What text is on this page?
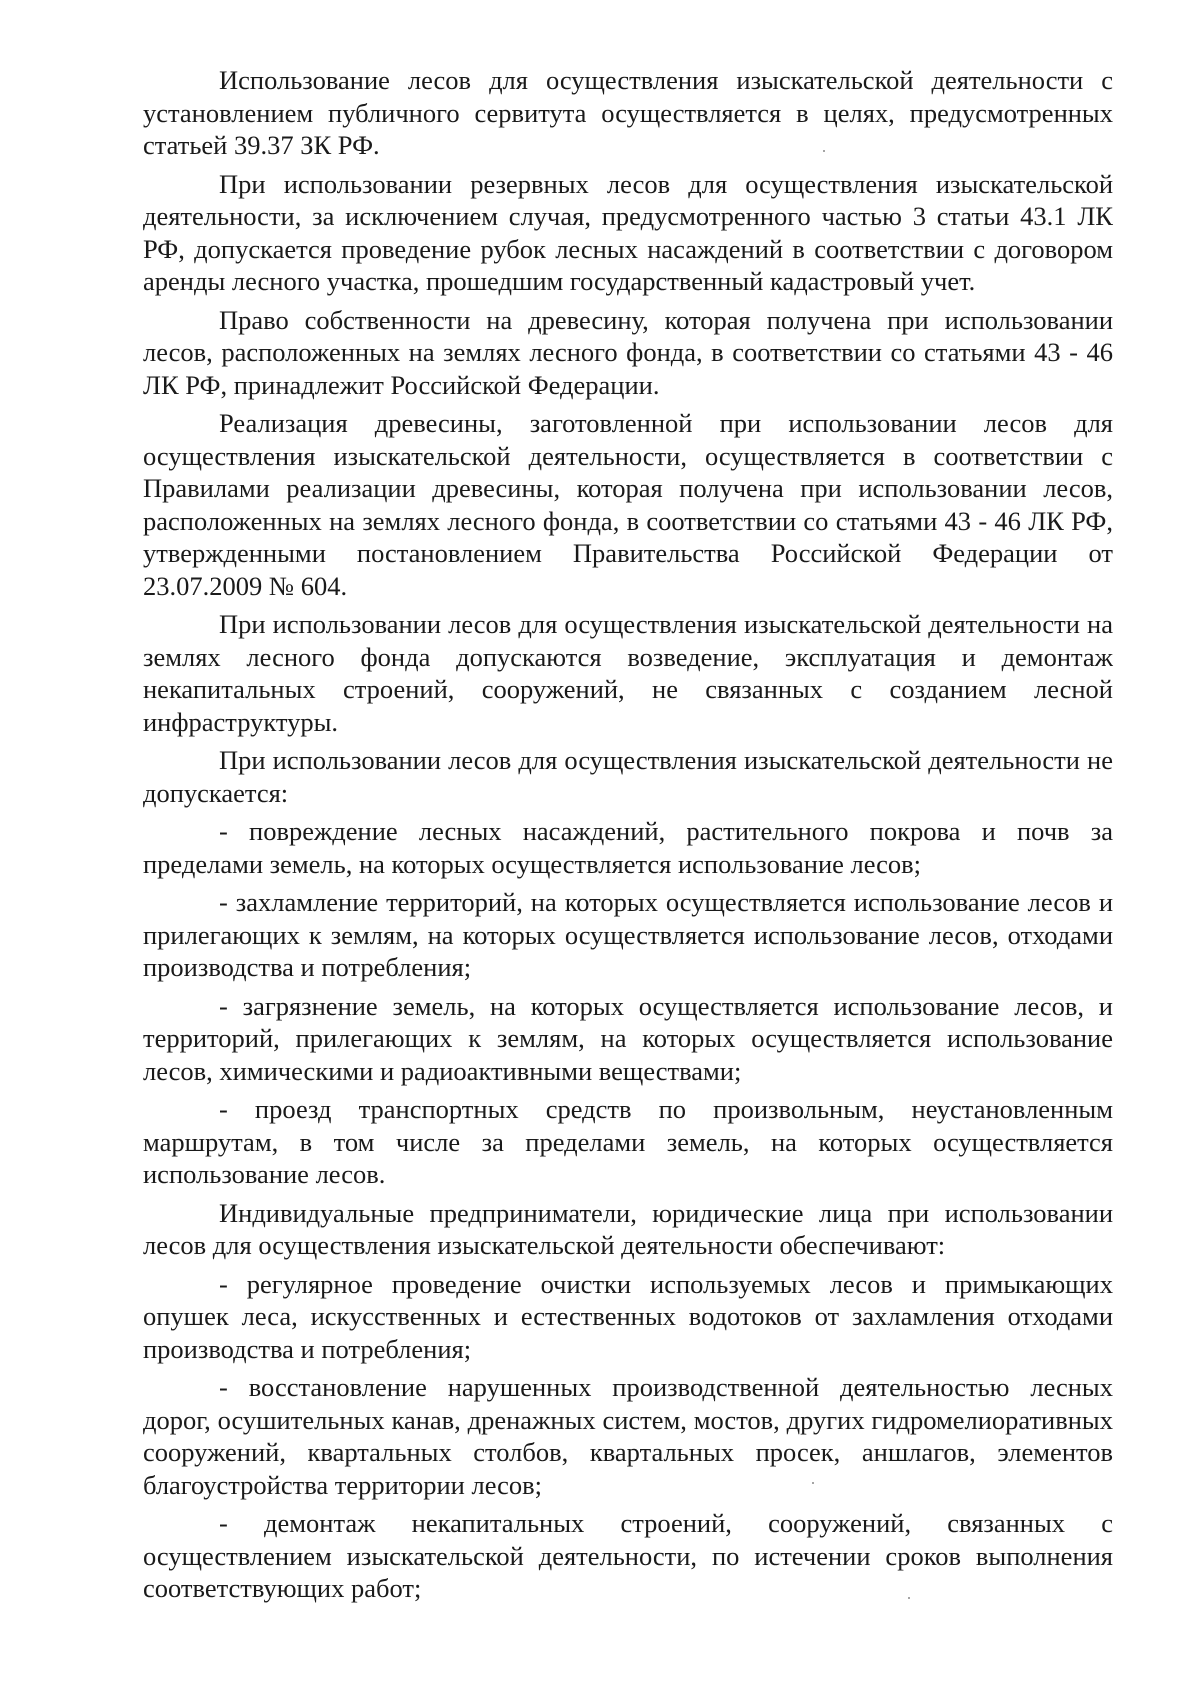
Использование лесов для осуществления изыскательской деятельности с установлением публичного сервитута осуществляется в целях, предусмотренных статьей 39.37 ЗК РФ.

При использовании резервных лесов для осуществления изыскательской деятельности, за исключением случая, предусмотренного частью 3 статьи 43.1 ЛК РФ, допускается проведение рубок лесных насаждений в соответствии с договором аренды лесного участка, прошедшим государственный кадастровый учет.

Право собственности на древесину, которая получена при использовании лесов, расположенных на землях лесного фонда, в соответствии со статьями 43 - 46 ЛК РФ, принадлежит Российской Федерации.

Реализация древесины, заготовленной при использовании лесов для осуществления изыскательской деятельности, осуществляется в соответствии с Правилами реализации древесины, которая получена при использовании лесов, расположенных на землях лесного фонда, в соответствии со статьями 43 - 46 ЛК РФ, утвержденными постановлением Правительства Российской Федерации от 23.07.2009 № 604.

При использовании лесов для осуществления изыскательской деятельности на землях лесного фонда допускаются возведение, эксплуатация и демонтаж некапитальных строений, сооружений, не связанных с созданием лесной инфраструктуры.

При использовании лесов для осуществления изыскательской деятельности не допускается:

- повреждение лесных насаждений, растительного покрова и почв за пределами земель, на которых осуществляется использование лесов;

- захламление территорий, на которых осуществляется использование лесов и прилегающих к землям, на которых осуществляется использование лесов, отходами производства и потребления;

- загрязнение земель, на которых осуществляется использование лесов, и территорий, прилегающих к землям, на которых осуществляется использование лесов, химическими и радиоактивными веществами;

- проезд транспортных средств по произвольным, неустановленным маршрутам, в том числе за пределами земель, на которых осуществляется использование лесов.

Индивидуальные предприниматели, юридические лица при использовании лесов для осуществления изыскательской деятельности обеспечивают:

- регулярное проведение очистки используемых лесов и примыкающих опушек леса, искусственных и естественных водотоков от захламления отходами производства и потребления;

- восстановление нарушенных производственной деятельностью лесных дорог, осушительных канав, дренажных систем, мостов, других гидромелиоративных сооружений, квартальных столбов, квартальных просек, аншлагов, элементов благоустройства территории лесов;

- демонтаж некапитальных строений, сооружений, связанных с осуществлением изыскательской деятельности, по истечении сроков выполнения соответствующих работ;
